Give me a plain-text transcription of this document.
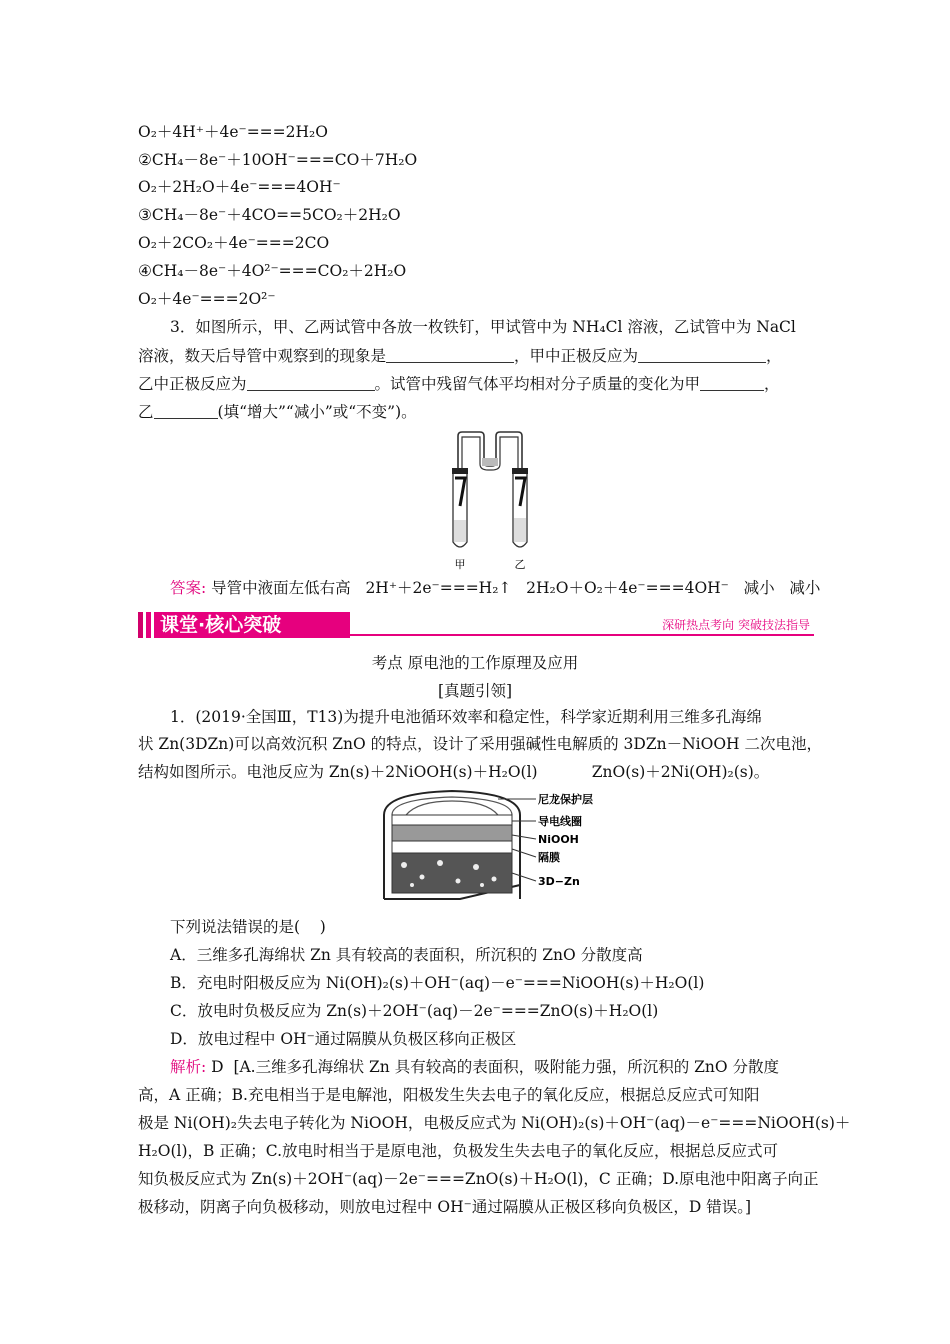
O₂＋4H⁺＋4e⁻===2H₂O
②CH₄－8e⁻＋10OH⁻===CO＋7H₂O
O₂＋2H₂O＋4e⁻===4OH⁻
③CH₄－8e⁻＋4CO==5CO₂＋2H₂O
O₂＋2CO₂＋4e⁻===2CO
④CH₄－8e⁻＋4O²⁻===CO₂＋2H₂O
O₂＋4e⁻===2O²⁻
3．如图所示，甲、乙两试管中各放一枚铁钉，甲试管中为 NH₄Cl 溶液，乙试管中为 NaCl
溶液，数天后导管中观察到的现象是	，甲中正极反应为	，
乙中正极反应为	。试管中残留气体平均相对分子质量的变化为甲	，
乙	(填“增大”“减小”或“不变”)。
甲	乙
答案: 导管中液面左低右高   2H⁺＋2e⁻===H₂↑   2H₂O＋O₂＋4e⁻===4OH⁻   减小   减小
课堂·核心突破	深研热点考向 突破技法指导
考点 原电池的工作原理及应用
[真题引领]
1．(2019·全国Ⅲ，T13)为提升电池循环效率和稳定性，科学家近期利用三维多孔海绵
状 Zn(3DZn)可以高效沉积 ZnO 的特点，设计了采用强碱性电解质的 3DZn－NiOOH 二次电池，
结构如图所示。电池反应为 Zn(s)＋2NiOOH(s)＋H₂O(l)           ZnO(s)＋2Ni(OH)₂(s)。
尼龙保护层
导电线圈
NiOOH
隔膜
3D−Zn
下列说法错误的是(    )
A．三维多孔海绵状 Zn 具有较高的表面积，所沉积的 ZnO 分散度高
B．充电时阳极反应为 Ni(OH)₂(s)＋OH⁻(aq)－e⁻===NiOOH(s)＋H₂O(l)
C．放电时负极反应为 Zn(s)＋2OH⁻(aq)－2e⁻===ZnO(s)＋H₂O(l)
D．放电过程中 OH⁻通过隔膜从负极区移向正极区
解析: D  [A.三维多孔海绵状 Zn 具有较高的表面积，吸附能力强，所沉积的 ZnO 分散度
高，A 正确；B.充电相当于是电解池，阳极发生失去电子的氧化反应，根据总反应式可知阳
极是 Ni(OH)₂失去电子转化为 NiOOH，电极反应式为 Ni(OH)₂(s)＋OH⁻(aq)－e⁻===NiOOH(s)＋
H₂O(l)，B 正确；C.放电时相当于是原电池，负极发生失去电子的氧化反应，根据总反应式可
知负极反应式为 Zn(s)＋2OH⁻(aq)－2e⁻===ZnO(s)＋H₂O(l)，C 正确；D.原电池中阳离子向正
极移动，阴离子向负极移动，则放电过程中 OH⁻通过隔膜从正极区移向负极区，D 错误。]
